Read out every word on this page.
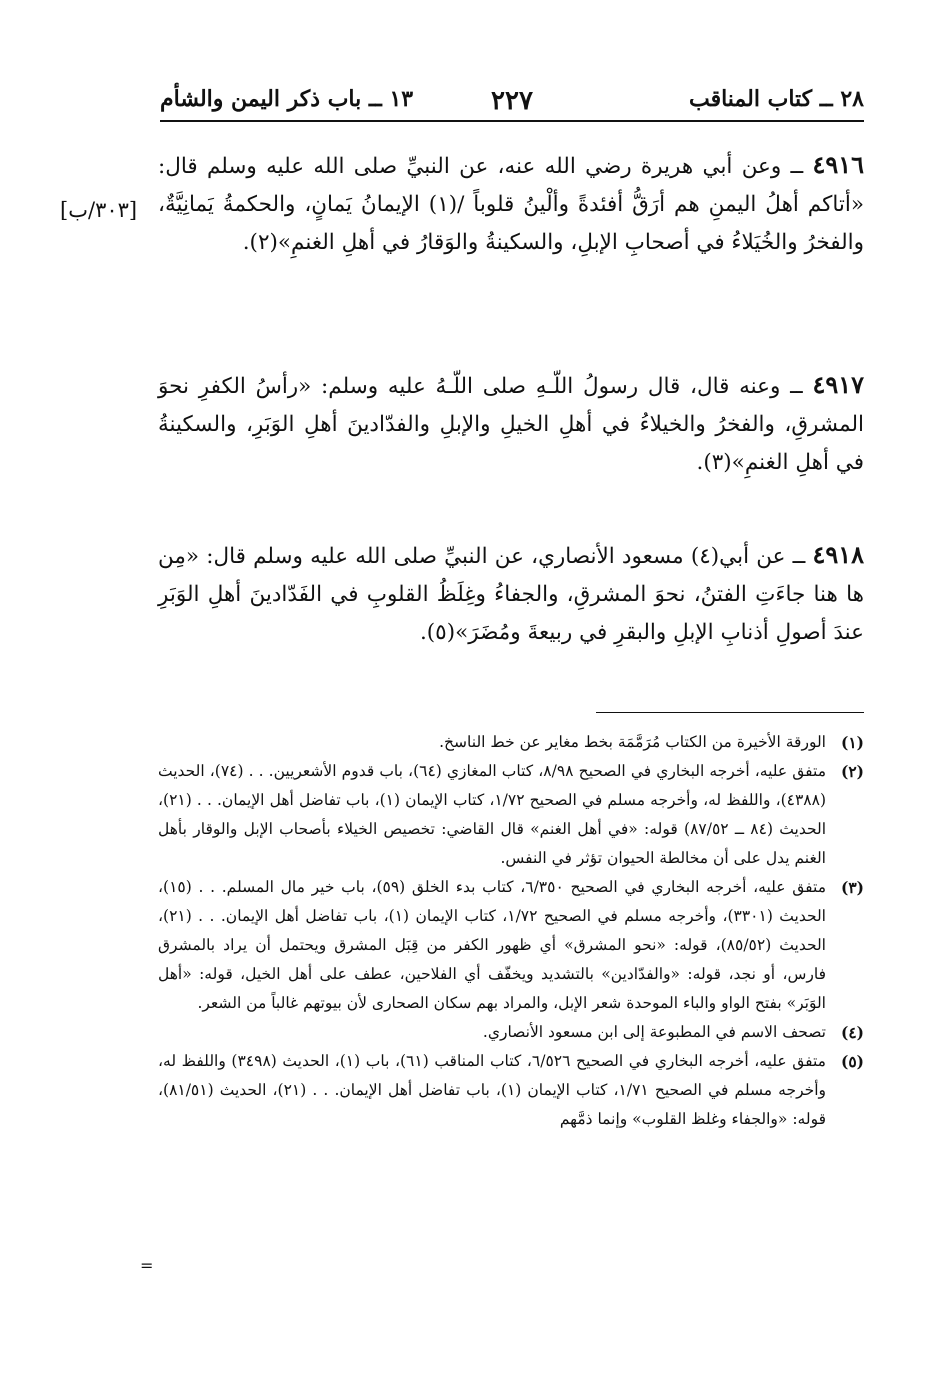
٢٨ ــ كتاب المناقب
٢٢٧
١٣ ــ باب ذكر اليمن والشأم
٤٩١٦ ــ وعن أبي هريرة رضي الله عنه، عن النبيِّ صلى الله عليه وسلم قال: «أتاكم أهلُ اليمنِ هم أرَقُّ أفئدةً وألْينُ قلوباً /(١) الإيمانُ يَمانٍ، والحكمةُ يَمانِيَّةٌ، والفخرُ والخُيَلاءُ في أصحابِ الإبلِ، والسكينةُ والوَقارُ في أهلِ الغنمِ»(٢).
[٣٠٣/ب]
٤٩١٧ ــ وعنه قال، قال رسولُ اللّـهِ صلى اللّـهُ عليه وسلم: «رأسُ الكفرِ نحوَ المشرقِ، والفخرُ والخيلاءُ في أهلِ الخيلِ والإبلِ والفدّادينَ أهلِ الوَبَرِ، والسكينةُ في أهلِ الغنمِ»(٣).
٤٩١٨ ــ عن أبي(٤) مسعود الأنصاري، عن النبيِّ صلى الله عليه وسلم قال: «مِن ها هنا جاءَتِ الفتنُ، نحوَ المشرقِ، والجفاءُ وغِلَظُ القلوبِ في الفَدّادينَ أهلِ الوَبَرِ عندَ أصولِ أذنابِ الإبلِ والبقرِ في ربيعةَ ومُضَرَ»(٥).

(١)
الورقة الأخيرة من الكتاب مُرَمَّمَة بخط مغاير عن خط الناسخ.

(٢)
متفق عليه، أخرجه البخاري في الصحيح ٨/٩٨، كتاب المغازي (٦٤)، باب قدوم الأشعريين. . . (٧٤)، الحديث (٤٣٨٨)، واللفظ له، وأخرجه مسلم في الصحيح ١/٧٢، كتاب الإيمان (١)، باب تفاضل أهل الإيمان. . . (٢١)، الحديث (٨٤ ــ ٨٧/٥٢) قوله: «في أهل الغنم» قال القاضي: تخصيص الخيلاء بأصحاب الإبل والوقار بأهل الغنم يدل على أن مخالطة الحيوان تؤثر في النفس.

(٣)
متفق عليه، أخرجه البخاري في الصحيح ٦/٣٥٠، كتاب بدء الخلق (٥٩)، باب خير مال المسلم. . . (١٥)، الحديث (٣٣٠١)، وأخرجه مسلم في الصحيح ١/٧٢، كتاب الإيمان (١)، باب تفاضل أهل الإيمان. . . (٢١)، الحديث (٨٥/٥٢)، قوله: «نحو المشرق» أي ظهور الكفر من قِبَل المشرق ويحتمل أن يراد بالمشرق فارس، أو نجد، قوله: «والفدّادين» بالتشديد ويخفّف أي الفلاحين، عطف على أهل الخيل، قوله: «أهل الوَبَر» بفتح الواو والباء الموحدة شعر الإبل، والمراد بهم سكان الصحارى لأن بيوتهم غالباً من الشعر.

(٤)
تصحف الاسم في المطبوعة إلى ابن مسعود الأنصاري.

(٥)
متفق عليه، أخرجه البخاري في الصحيح ٦/٥٢٦، كتاب المناقب (٦١)، باب (١)، الحديث (٣٤٩٨) واللفظ له، وأخرجه مسلم في الصحيح ١/٧١، كتاب الإيمان (١)، باب تفاضل أهل الإيمان. . . (٢١)، الحديث (٨١/٥١)، قوله: «والجفاء وغلظ القلوب» وإنما ذمَّهم

=
